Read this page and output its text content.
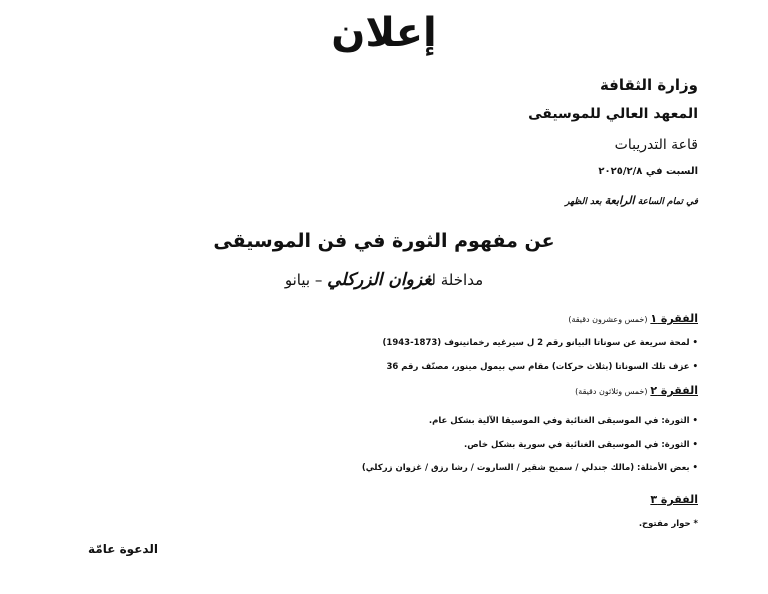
إعلان
وزارة الثقافة
المعهد العالي للموسيقى
قاعة التدريبات
السبت في ٢٠٢٥/٢/٨
في تمام الساعة الرابعة بعد الظهر
عن مفهوم الثورة في فن الموسيقى
مداخلة لغزوان الزركلي – بيانو
الفقرة ١ (خمس وعشرون دقيقة)
• لمحة سريعة عن سوناتا البيانو رقم 2 ل سيرغيه رخمانينوف (1873-1943)
• عزف تلك السوناتا (بثلاث حركات) مقام سي بيمول مينور، مصنّف رقم 36
الفقرة ٢ (خمس وثلاثون دقيقة)
• الثورة: في الموسيقى الغنائية وفي الموسيقا الآلية بشكل عام.
• الثورة: في الموسيقى الغنائية في سورية بشكل خاص.
• بعض الأمثلة: (مالك جندلي / سميح شقير / الساروت / رشا رزق / غزوان زركلي)
الفقرة ٣
* حوار مفتوح.
الدعوة عامّة
